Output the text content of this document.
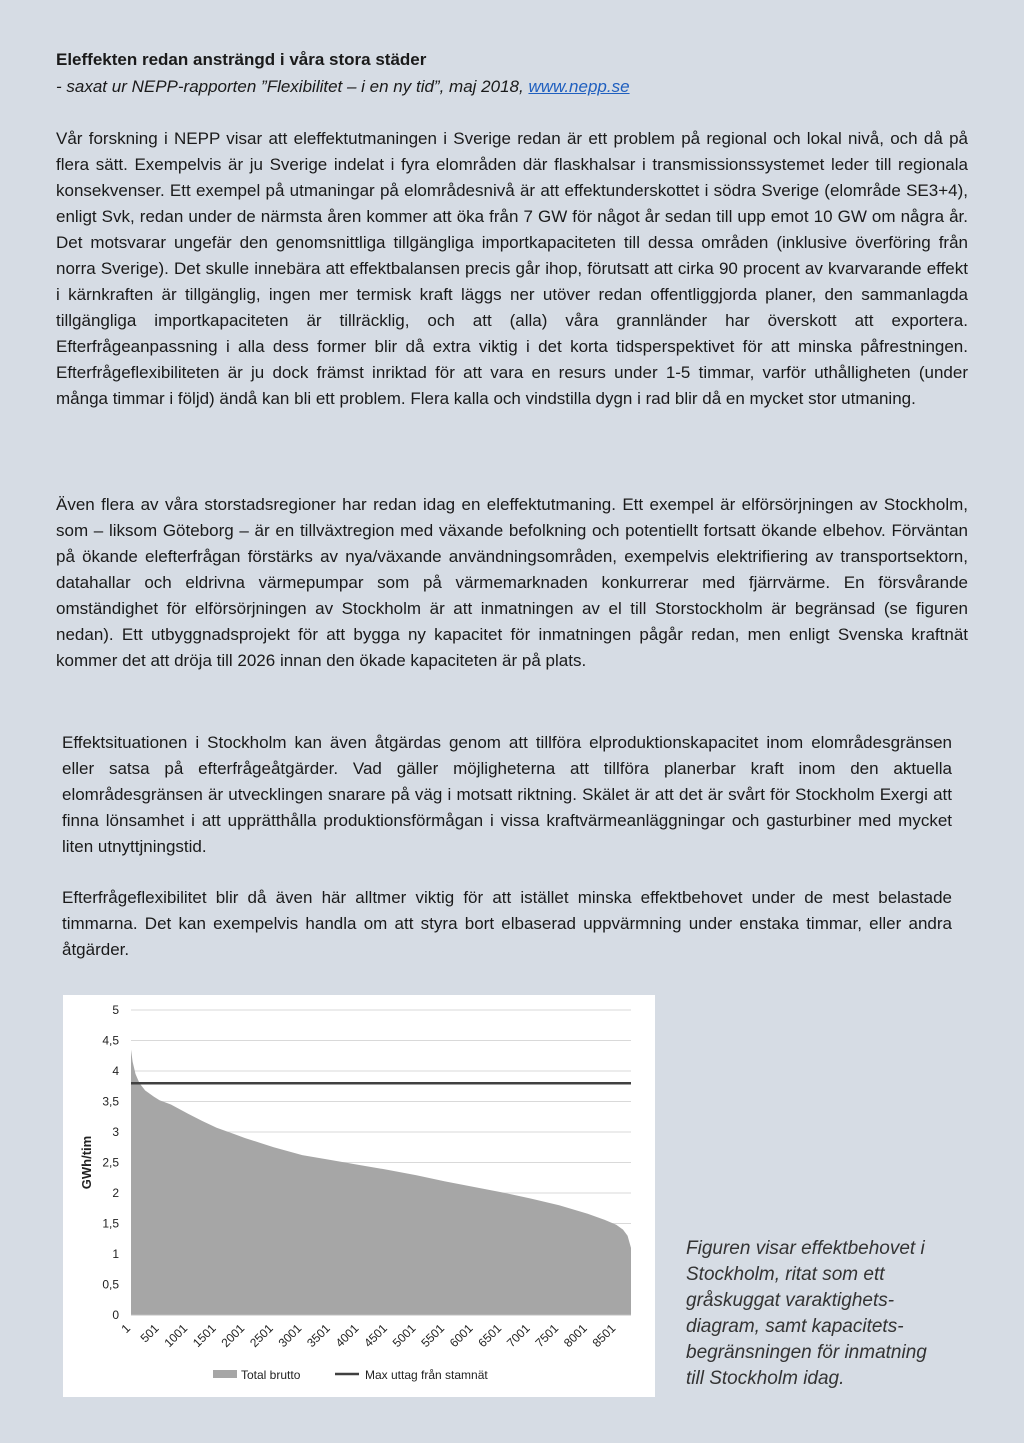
Eleffekten redan ansträngd i våra stora städer
- saxat ur NEPP-rapporten ”Flexibilitet – i en ny tid”, maj 2018, www.nepp.se

Vår forskning i NEPP visar att eleffektutmaningen i Sverige redan är ett problem på regional och lokal nivå, och då på flera sätt. Exempelvis är ju Sverige indelat i fyra elområden där flaskhalsar i transmissionssystemet leder till regionala konsekvenser. Ett exempel på utmaningar på elområdesnivå är att effektunderskottet i södra Sverige (elområde SE3+4), enligt Svk, redan under de närmsta åren kommer att öka från 7 GW för något år sedan till upp emot 10 GW om några år. Det motsvarar ungefär den genomsnittliga tillgängliga importkapaciteten till dessa områden (inklusive överföring från norra Sverige). Det skulle innebära att effektbalansen precis går ihop, förutsatt att cirka 90 procent av kvarvarande effekt i kärnkraften är tillgänglig, ingen mer termisk kraft läggs ner utöver redan offentliggjorda planer, den sammanlagda tillgängliga importkapaciteten är tillräcklig, och att (alla) våra grannländer har överskott att exportera. Efterfrågeanpassning i alla dess former blir då extra viktig i det korta tidsperspektivet för att minska påfrestningen. Efterfrågeflexibiliteten är ju dock främst inriktad för att vara en resurs under 1-5 timmar, varför uthålligheten (under många timmar i följd) ändå kan bli ett problem. Flera kalla och vindstilla dygn i rad blir då en mycket stor utmaning.

Även flera av våra storstadsregioner har redan idag en eleffektutmaning. Ett exempel är elförsörjningen av Stockholm, som – liksom Göteborg – är en tillväxtregion med växande befolkning och potentiellt fortsatt ökande elbehov. Förväntan på ökande elefterfrågan förstärks av nya/växande användningsområden, exempelvis elektrifiering av transportsektorn, datahallar och eldrivna värmepumpar som på värmemarknaden konkurrerar med fjärrvärme. En försvårande omständighet för elförsörjningen av Stockholm är att inmatningen av el till Storstockholm är begränsad (se figuren nedan). Ett utbyggnadsprojekt för att bygga ny kapacitet för inmatningen pågår redan, men enligt Svenska kraftnät kommer det att dröja till 2026 innan den ökade kapaciteten är på plats.

Effektsituationen i Stockholm kan även åtgärdas genom att tillföra elproduktionskapacitet inom elområdesgränsen eller satsa på efterfrågeåtgärder. Vad gäller möjligheterna att tillföra planerbar kraft inom den aktuella elområdesgränsen är utvecklingen snarare på väg i motsatt riktning. Skälet är att det är svårt för Stockholm Exergi att finna lönsamhet i att upprätthålla produktionsförmågan i vissa kraftvärmeanläggningar och gasturbiner med mycket liten utnyttjningstid.

Efterfrågeflexibilitet blir då även här alltmer viktig för att istället minska effektbehovet under de mest belastade timmarna. Det kan exempelvis handla om att styra bort elbaserad uppvärmning under enstaka timmar, eller andra åtgärder.

0
0,5
1
1,5
2
2,5
3
3,5
4
4,5
5
1 501 1001 1501 2001 2501 3001 3501 4001 4501 5001 5501 6001 6501 7001 7501 8001 8501
GWh/tim
Total brutto	Max uttag från stamnät
Figuren visar effektbehovet i
Stockholm, ritat som ett
gråskuggat varaktighets-
diagram, samt kapacitets-
begränsningen för inmatning
till Stockholm idag.
